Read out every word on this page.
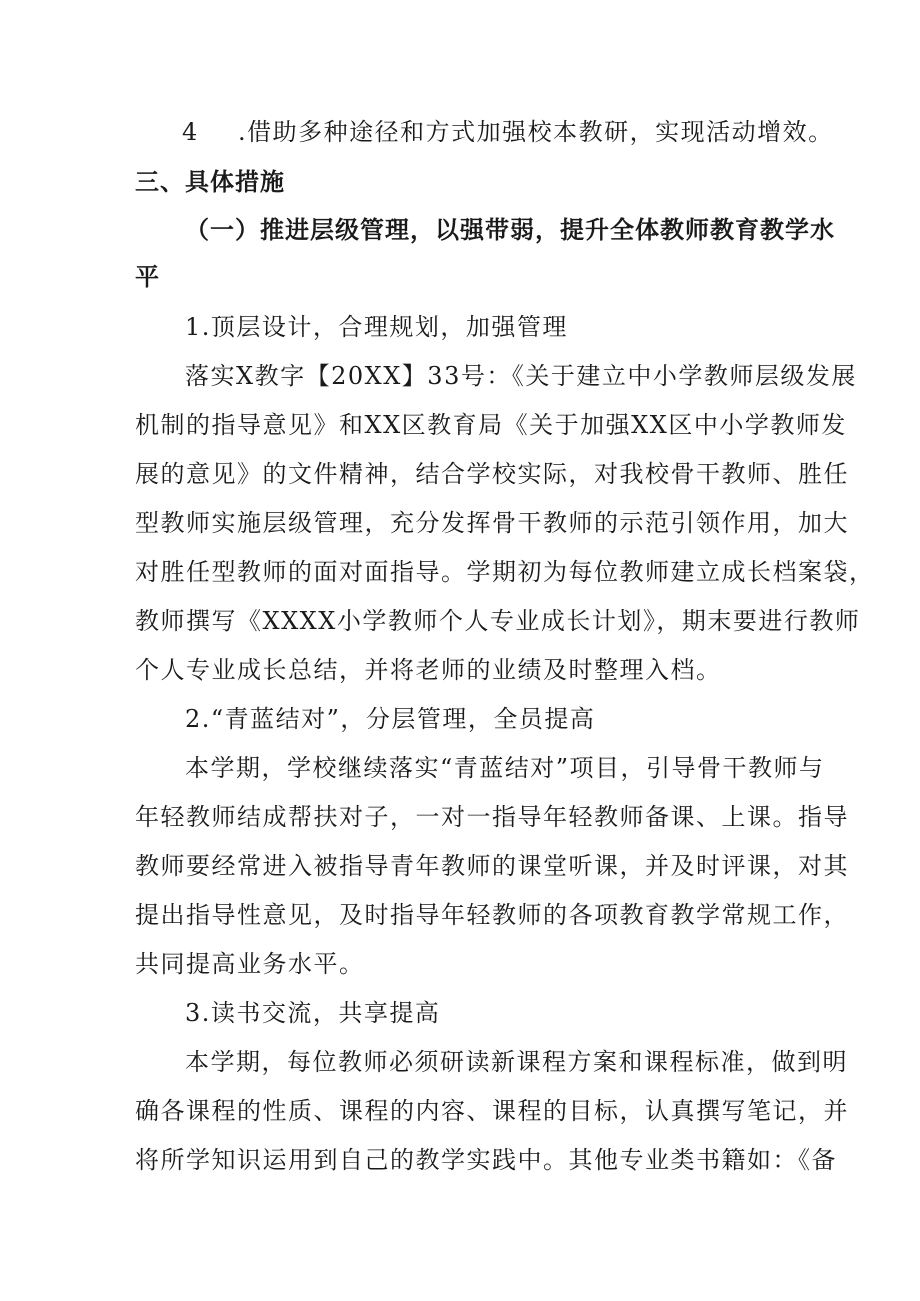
4 .借助多种途径和方式加强校本教研，实现活动增效。
三、具体措施
（一）推进层级管理，以强带弱，提升全体教师教育教学水
平
1.顶层设计，合理规划，加强管理
落实X教字【20XX】33号：《关于建立中小学教师层级发展
机制的指导意见》和XX区教育局《关于加强XX区中小学教师发
展的意见》的文件精神，结合学校实际，对我校骨干教师、胜任
型教师实施层级管理，充分发挥骨干教师的示范引领作用，加大
对胜任型教师的面对面指导。学期初为每位教师建立成长档案袋，
教师撰写《XXXX小学教师个人专业成长计划》，期末要进行教师
个人专业成长总结，并将老师的业绩及时整理入档。
2.“青蓝结对”，分层管理，全员提高
本学期，学校继续落实“青蓝结对”项目，引导骨干教师与
年轻教师结成帮扶对子，一对一指导年轻教师备课、上课。指导
教师要经常进入被指导青年教师的课堂听课，并及时评课，对其
提出指导性意见，及时指导年轻教师的各项教育教学常规工作，
共同提高业务水平。
3.读书交流，共享提高
本学期，每位教师必须研读新课程方案和课程标准，做到明
确各课程的性质、课程的内容、课程的目标，认真撰写笔记，并
将所学知识运用到自己的教学实践中。其他专业类书籍如：《备
